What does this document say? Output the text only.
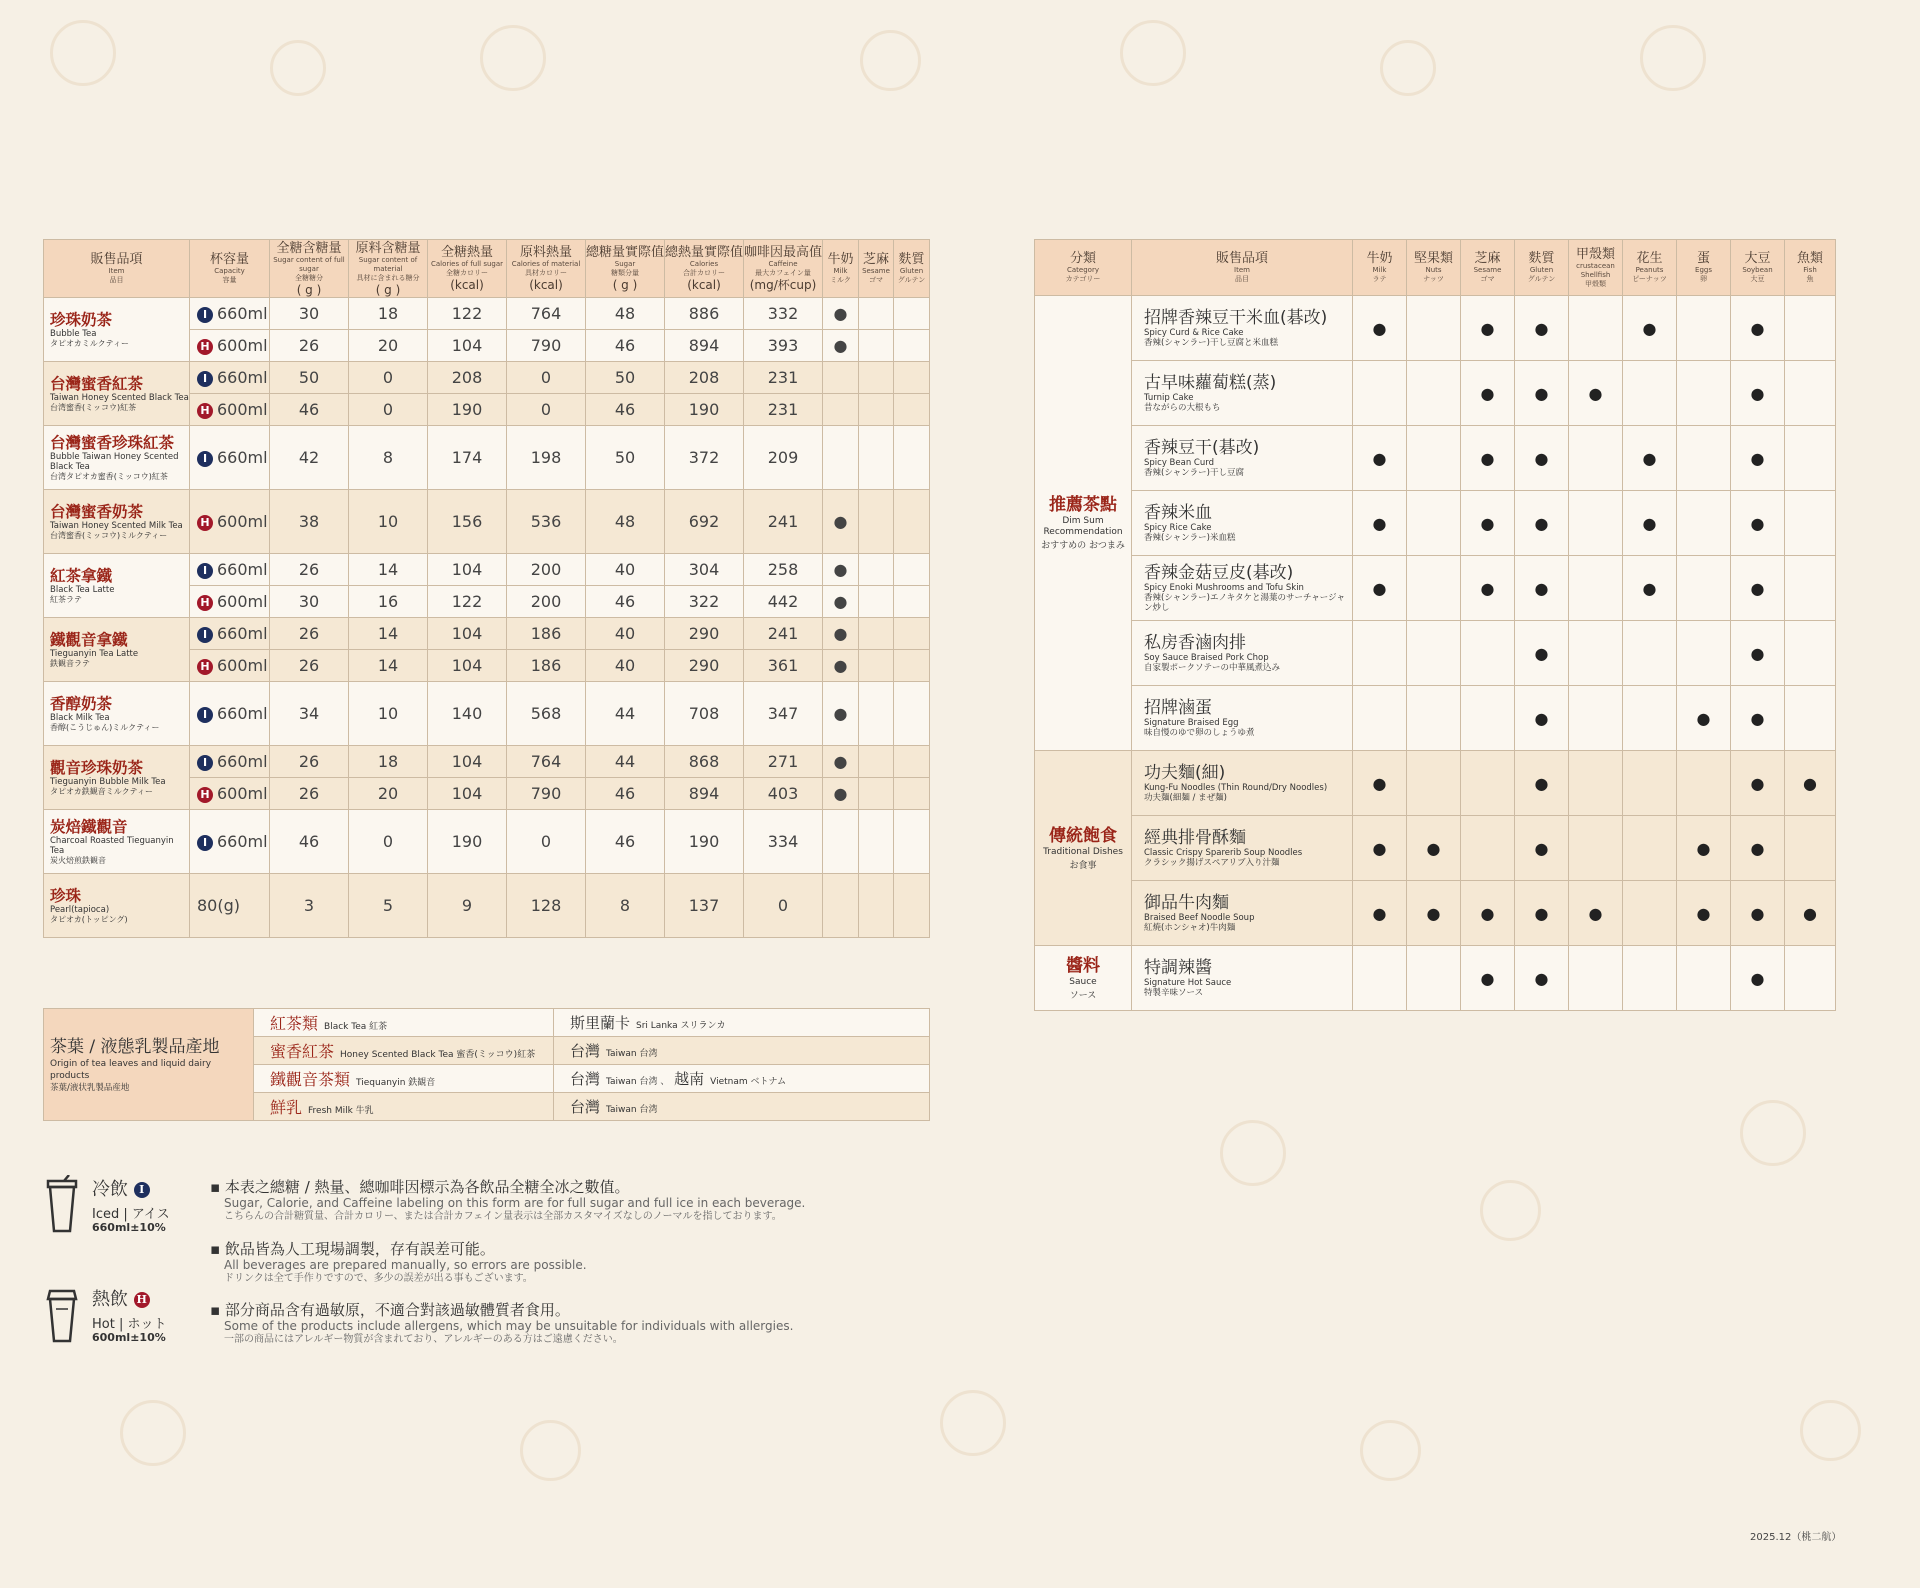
販售品項
Item
品目	杯容量
Capacity
容量	全糖含糖量
Sugar content of full sugar
全糖糖分
( g )	原料含糖量
Sugar content of material
具材に含まれる糖分
( g )	全糖熱量
Calories of full sugar
全糖カロリー
(kcal)	原料熱量
Calories of material
具材カロリー
(kcal)	總糖量實際值
Sugar
糖類分量
( g )	總熱量實際值
Calories
合計カロリー
(kcal)	咖啡因最高值
Caffeine
最大カフェイン量
(mg/杯cup)	牛奶
Milk
ミルク	芝麻
Sesame
ゴマ	麩質
Gluten
グルテン

珍珠奶茶
Bubble Tea
タピオカミルクティー	I 660ml	30	18	122	764	48	886	332	●		
	H 600ml	26	20	104	790	46	894	393	●		

台灣蜜香紅茶
Taiwan Honey Scented Black Tea
台湾蜜香(ミッコウ)紅茶	I 660ml	50	0	208	0	50	208	231			
	H 600ml	46	0	190	0	46	190	231			

台灣蜜香珍珠紅茶
Bubble Taiwan Honey Scented Black Tea
台湾タピオカ蜜香(ミッコウ)紅茶	I 660ml	42	8	174	198	50	372	209			

台灣蜜香奶茶
Taiwan Honey Scented Milk Tea
台湾蜜香(ミッコウ)ミルクティー	H 600ml	38	10	156	536	48	692	241	●		

紅茶拿鐵
Black Tea Latte
紅茶ラテ	I 660ml	26	14	104	200	40	304	258	●		
	H 600ml	30	16	122	200	46	322	442	●		

鐵觀音拿鐵
Tieguanyin Tea Latte
鉄観音ラテ	I 660ml	26	14	104	186	40	290	241	●		
	H 600ml	26	14	104	186	40	290	361	●		

香醇奶茶
Black Milk Tea
香醇(こうじゅん)ミルクティー	I 660ml	34	10	140	568	44	708	347	●		

觀音珍珠奶茶
Tieguanyin Bubble Milk Tea
タピオカ鉄観音ミルクティー	I 660ml	26	18	104	764	44	868	271	●		
	H 600ml	26	20	104	790	46	894	403	●		

炭焙鐵觀音
Charcoal Roasted Tieguanyin Tea
炭火焙煎鉄観音	I 660ml	46	0	190	0	46	190	334			

珍珠
Pearl(tapioca)
タピオカ(トッピング)	80(g)	3	5	9	128	8	137	0			
分類
Category
カテゴリー	販售品項
Item
品目	牛奶
Milk
ラテ	堅果類
Nuts
ナッツ	芝麻
Sesame
ゴマ	麩質
Gluten
グルテン	甲殼類
crustacean Shellfish
甲殻類	花生
Peanuts
ピーナッツ	蛋
Eggs
卵	大豆
Soybean
大豆	魚類
Fish
魚

推薦茶點
Dim Sum Recommendation
おすすめの おつまみ	招牌香辣豆干米血(碁改)
Spicy Curd & Rice Cake
香辣(シャンラー)干し豆腐と米血糕	●		●	●		●		●	

	古早味蘿蔔糕(蒸)
Turnip Cake
昔ながらの大根もち			●	●	●			●	

	香辣豆干(碁改)
Spicy Bean Curd
香辣(シャンラー)干し豆腐	●		●	●		●		●	

	香辣米血
Spicy Rice Cake
香辣(シャンラー)米血糕	●		●	●		●		●	

	香辣金菇豆皮(碁改)
Spicy Enoki Mushrooms and Tofu Skin
香辣(シャンラー)エノキタケと湯葉のサーチャージャン炒し	●		●	●		●		●	

	私房香滷肉排
Soy Sauce Braised Pork Chop
自家製ポークソテーの中華風煮込み				●				●	

	招牌滷蛋
Signature Braised Egg
味自慢のゆで卵のしょうゆ煮				●			●	●	

傳統飽食
Traditional Dishes
お食事	功夫麵(細)
Kung-Fu Noodles (Thin Round/Dry Noodles)
功夫麺(細麺 / まぜ麺)	●			●				●	●

	經典排骨酥麵
Classic Crispy Sparerib Soup Noodles
クラシック揚げスペアリブ入り汁麺	●	●		●			●	●	

	御品牛肉麵
Braised Beef Noodle Soup
紅焼(ホンシャオ)牛肉麺	●	●	●	●	●		●	●	●

醬料
Sauce
ソース	特調辣醬
Signature Hot Sauce
特製辛味ソース			●	●				●	
茶葉 / 液態乳製品產地
Origin of tea leaves and liquid dairy products
茶葉/液状乳製品産地	紅茶類 Black Tea 紅茶	斯里蘭卡 Sri Lanka スリランカ
	蜜香紅茶 Honey Scented Black Tea 蜜香(ミッコウ)紅茶	台灣 Taiwan 台湾
	鐵觀音茶類 Tiequanyin 鉄観音	台灣 Taiwan 台湾 、 越南 Vietnam ベトナム
	鮮乳 Fresh Milk 牛乳	台灣 Taiwan 台湾
冷飲 I
Iced | アイス
660ml±10%
熱飲 H
Hot | ホット
600ml±10%
▪ 本表之總糖 / 熱量、總咖啡因標示為各飲品全糖全冰之數值。
Sugar, Calorie, and Caffeine labeling on this form are for full sugar and full ice in each beverage.
こちらんの合計糖質量、合計カロリー、または合計カフェイン量表示は全部カスタマイズなしのノーマルを指しております。
▪ 飲品皆為人工現場調製，存有誤差可能。
All beverages are prepared manually, so errors are possible.
ドリンクは全て手作りですので、多少の誤差が出る事もございます。
▪ 部分商品含有過敏原，不適合對該過敏體質者食用。
Some of the products include allergens, which may be unsuitable for individuals with allergies.
一部の商品にはアレルギー物質が含まれており、アレルギーのある方はご遠慮ください。
2025.12（桃二航）
